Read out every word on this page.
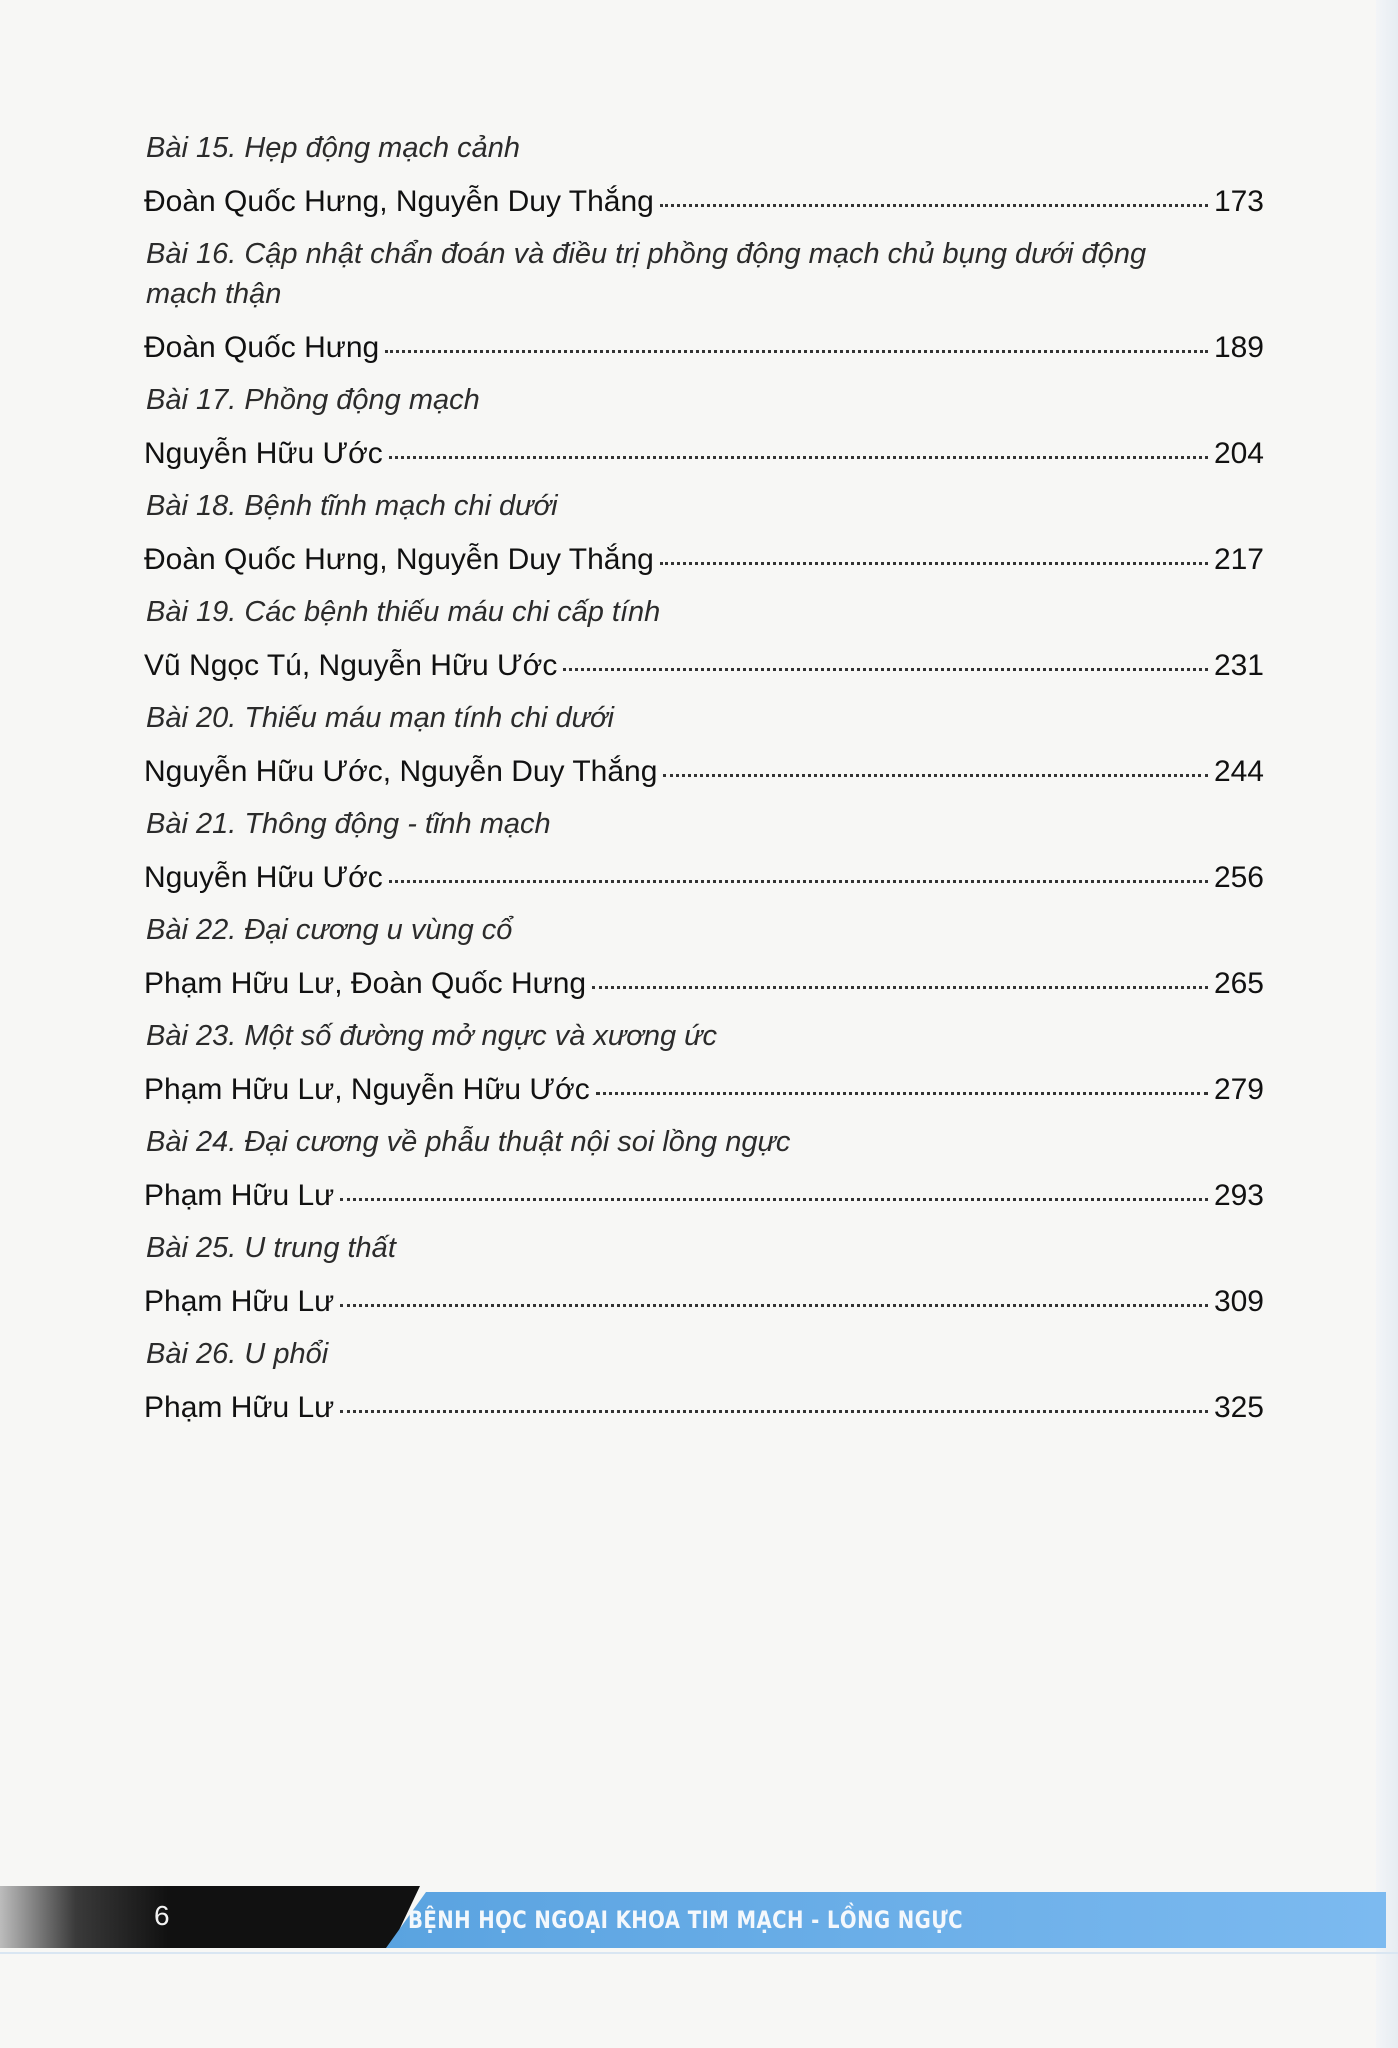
Bài 15. Hẹp động mạch cảnh
Đoàn Quốc Hưng, Nguyễn Duy Thắng	173
Bài 16. Cập nhật chẩn đoán và điều trị phồng động mạch chủ bụng dưới động mạch thận
Đoàn Quốc Hưng	189
Bài 17. Phồng động mạch
Nguyễn Hữu Ước	204
Bài 18. Bệnh tĩnh mạch chi dưới
Đoàn Quốc Hưng, Nguyễn Duy Thắng	217
Bài 19. Các bệnh thiếu máu chi cấp tính
Vũ Ngọc Tú, Nguyễn Hữu Ước	231
Bài 20. Thiếu máu mạn tính chi dưới
Nguyễn Hữu Ước, Nguyễn Duy Thắng	244
Bài 21. Thông động - tĩnh mạch
Nguyễn Hữu Ước	256
Bài 22. Đại cương u vùng cổ
Phạm Hữu Lư, Đoàn Quốc Hưng	265
Bài 23. Một số đường mở ngực và xương ức
Phạm Hữu Lư, Nguyễn Hữu Ước	279
Bài 24. Đại cương về phẫu thuật nội soi lồng ngực
Phạm Hữu Lư	293
Bài 25. U trung thất
Phạm Hữu Lư	309
Bài 26. U phổi
Phạm Hữu Lư	325
6	BỆNH HỌC NGOẠI KHOA TIM MẠCH - LỒNG NGỰC
